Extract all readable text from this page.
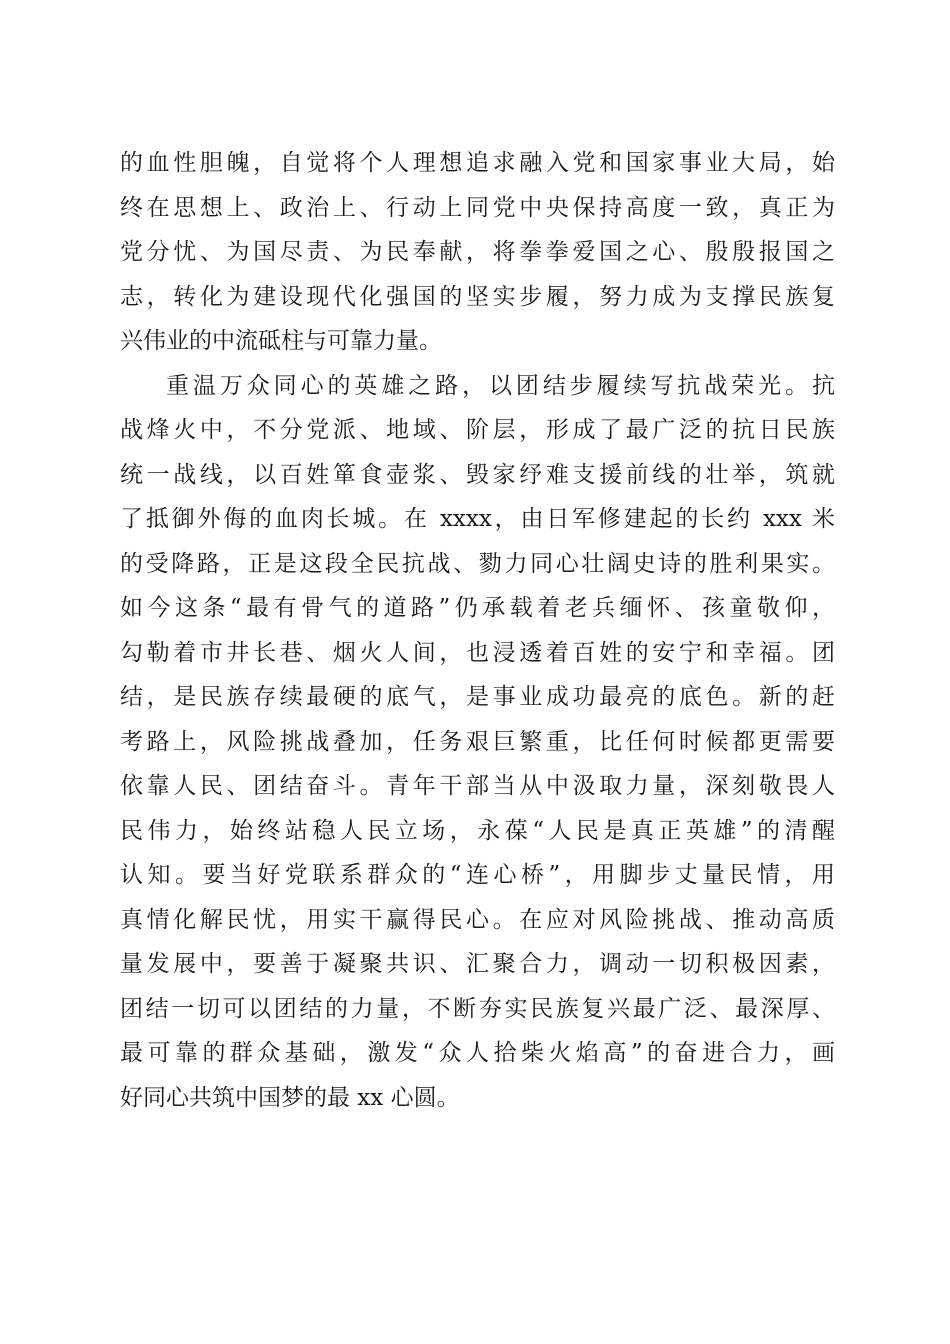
的血性胆魄，自觉将个人理想追求融入党和国家事业大局，始
终在思想上、政治上、行动上同党中央保持高度一致，真正为
党分忧、为国尽责、为民奉献，将拳拳爱国之心、殷殷报国之
志，转化为建设现代化强国的坚实步履，努力成为支撑民族复
兴伟业的中流砥柱与可靠力量。
重温万众同心的英雄之路，以团结步履续写抗战荣光。抗
战烽火中，不分党派、地域、阶层，形成了最广泛的抗日民族
统一战线，以百姓箪食壶浆、毁家纾难支援前线的壮举，筑就
了抵御外侮的血肉长城。在 xxxx，由日军修建起的长约 xxx 米
的受降路，正是这段全民抗战、勠力同心壮阔史诗的胜利果实。
如今这条“最有骨气的道路”仍承载着老兵缅怀、孩童敬仰，
勾勒着市井长巷、烟火人间，也浸透着百姓的安宁和幸福。团
结，是民族存续最硬的底气，是事业成功最亮的底色。新的赶
考路上，风险挑战叠加，任务艰巨繁重，比任何时候都更需要
依靠人民、团结奋斗。青年干部当从中汲取力量，深刻敬畏人
民伟力，始终站稳人民立场，永葆“人民是真正英雄”的清醒
认知。要当好党联系群众的“连心桥”，用脚步丈量民情，用
真情化解民忧，用实干赢得民心。在应对风险挑战、推动高质
量发展中，要善于凝聚共识、汇聚合力，调动一切积极因素，
团结一切可以团结的力量，不断夯实民族复兴最广泛、最深厚、
最可靠的群众基础，激发“众人拾柴火焰高”的奋进合力，画
好同心共筑中国梦的最 xx 心圆。
